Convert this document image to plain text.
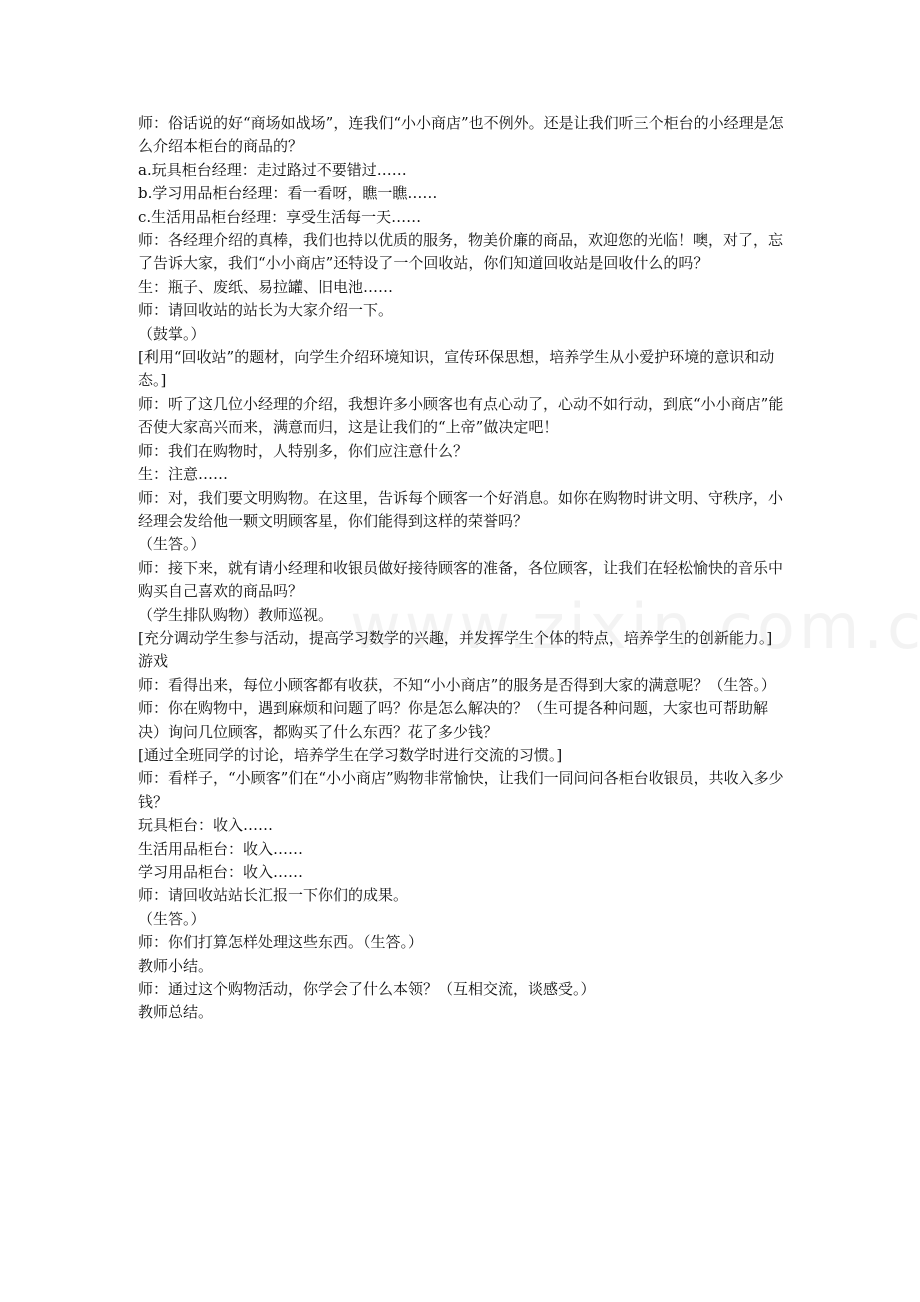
师：俗话说的好“商场如战场”，连我们“小小商店”也不例外。还是让我们听三个柜台的小经理是怎么介绍本柜台的商品的？

a.玩具柜台经理：走过路过不要错过……

b.学习用品柜台经理：看一看呀，瞧一瞧……

c.生活用品柜台经理：享受生活每一天……

师：各经理介绍的真棒，我们也持以优质的服务，物美价廉的商品，欢迎您的光临！噢，对了，忘了告诉大家，我们“小小商店”还特设了一个回收站，你们知道回收站是回收什么的吗？

生：瓶子、废纸、易拉罐、旧电池……

师：请回收站的站长为大家介绍一下。

（鼓掌。）

[利用“回收站”的题材，向学生介绍环境知识，宣传环保思想，培养学生从小爱护环境的意识和动态。]

师：听了这几位小经理的介绍，我想许多小顾客也有点心动了，心动不如行动，到底“小小商店”能否使大家高兴而来，满意而归，这是让我们的“上帝”做决定吧！

师：我们在购物时，人特别多，你们应注意什么？

生：注意……

师：对，我们要文明购物。在这里，告诉每个顾客一个好消息。如你在购物时讲文明、守秩序，小经理会发给他一颗文明顾客星，你们能得到这样的荣誉吗？

（生答。）

师：接下来，就有请小经理和收银员做好接待顾客的准备，各位顾客，让我们在轻松愉快的音乐中购买自己喜欢的商品吗？

（学生排队购物）教师巡视。

[充分调动学生参与活动，提高学习数学的兴趣，并发挥学生个体的特点，培养学生的创新能力。]

游戏

师：看得出来，每位小顾客都有收获，不知“小小商店”的服务是否得到大家的满意呢？（生答。）

师：你在购物中，遇到麻烦和问题了吗？你是怎么解决的？（生可提各种问题，大家也可帮助解决）询问几位顾客，都购买了什么东西？花了多少钱？

[通过全班同学的讨论，培养学生在学习数学时进行交流的习惯。]

师：看样子，“小顾客”们在“小小商店”购物非常愉快，让我们一同问问各柜台收银员，共收入多少钱？

玩具柜台：收入……

生活用品柜台：收入……

学习用品柜台：收入……

师：请回收站站长汇报一下你们的成果。

（生答。）

师：你们打算怎样处理这些东西。（生答。）

教师小结。

师：通过这个购物活动，你学会了什么本领？（互相交流，谈感受。）

教师总结。
